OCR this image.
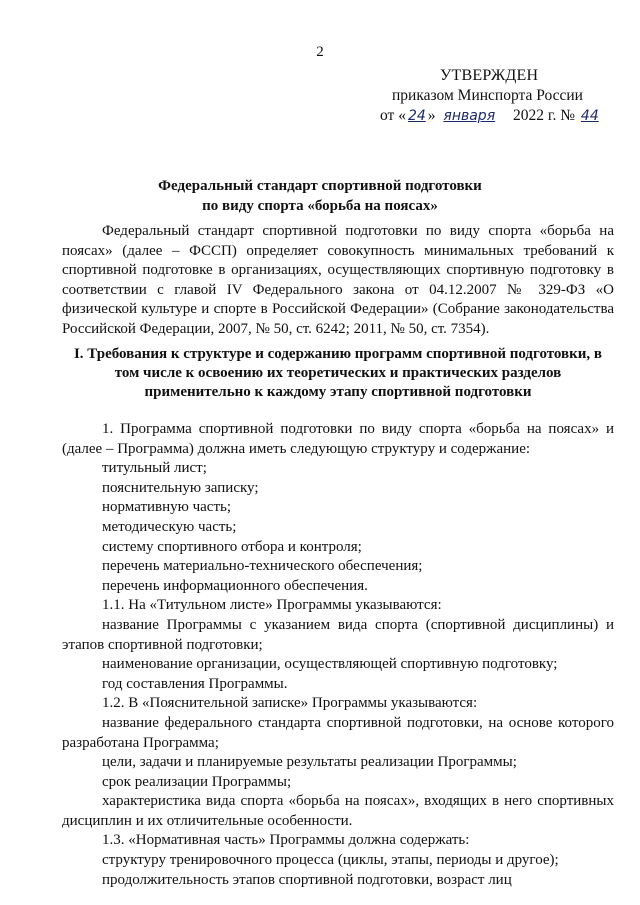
2
УТВЕРЖДЕН
приказом Минспорта России
от « 24 » января 2022 г. № 44
Федеральный стандарт спортивной подготовки
по виду спорта «борьба на поясах»

Федеральный стандарт спортивной подготовки по виду спорта «борьба на поясах» (далее – ФССП) определяет совокупность минимальных требований к спортивной подготовке в организациях, осуществляющих спортивную подготовку в соответствии с главой IV Федерального закона от 04.12.2007 № 329-ФЗ «О физической культуре и спорте в Российской Федерации» (Собрание законодательства Российской Федерации, 2007, № 50, ст. 6242; 2011, № 50, ст. 7354).

I. Требования к структуре и содержанию программ спортивной подготовки, в
том числе к освоению их теоретических и практических разделов
применительно к каждому этапу спортивной подготовки

1. Программа спортивной подготовки по виду спорта «борьба на поясах» и (далее – Программа) должна иметь следующую структуру и содержание:

титульный лист;

пояснительную записку;

нормативную часть;

методическую часть;

систему спортивного отбора и контроля;

перечень материально-технического обеспечения;

перечень информационного обеспечения.

1.1. На «Титульном листе» Программы указываются:

название Программы с указанием вида спорта (спортивной дисциплины) и этапов спортивной подготовки;

наименование организации, осуществляющей спортивную подготовку;

год составления Программы.

1.2. В «Пояснительной записке» Программы указываются:

название федерального стандарта спортивной подготовки, на основе которого разработана Программа;

цели, задачи и планируемые результаты реализации Программы;

срок реализации Программы;

характеристика вида спорта «борьба на поясах», входящих в него спортивных дисциплин и их отличительные особенности.

1.3. «Нормативная часть» Программы должна содержать:

структуру тренировочного процесса (циклы, этапы, периоды и другое);

продолжительность этапов спортивной подготовки, возраст лиц
